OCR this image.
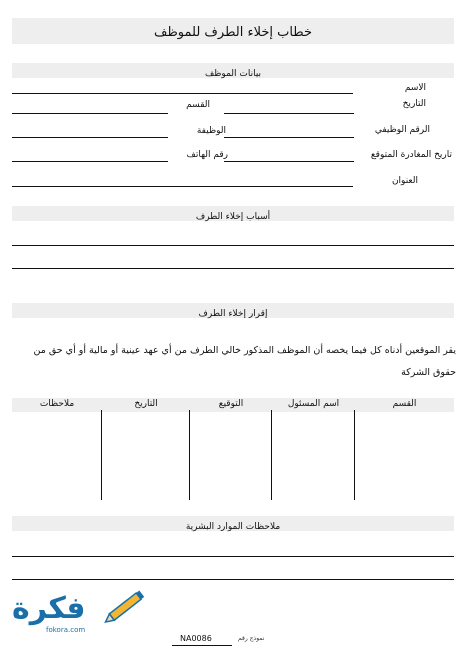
خطاب إخلاء الطرف للموظف
بيانات الموظف
الاسم
التاريخ
القسم
الرقم الوظيفي
الوظيفة
تاريخ المغادرة المتوقع
رقم الهاتف
العنوان
أسباب إخلاء الطرف
إقرار إخلاء الطرف
يقر الموقعين أدناه كل فيما يخصه أن الموظف المذكور خالي الطرف من أي عهد عينية أو مالية أو أي حق من حقوق الشركة
القسم
اسم المسئول
التوقيع
التاريخ
ملاحظات
ملاحظات الموارد البشرية
فكرة
fokora.com
NA0086	نموذج رقم
